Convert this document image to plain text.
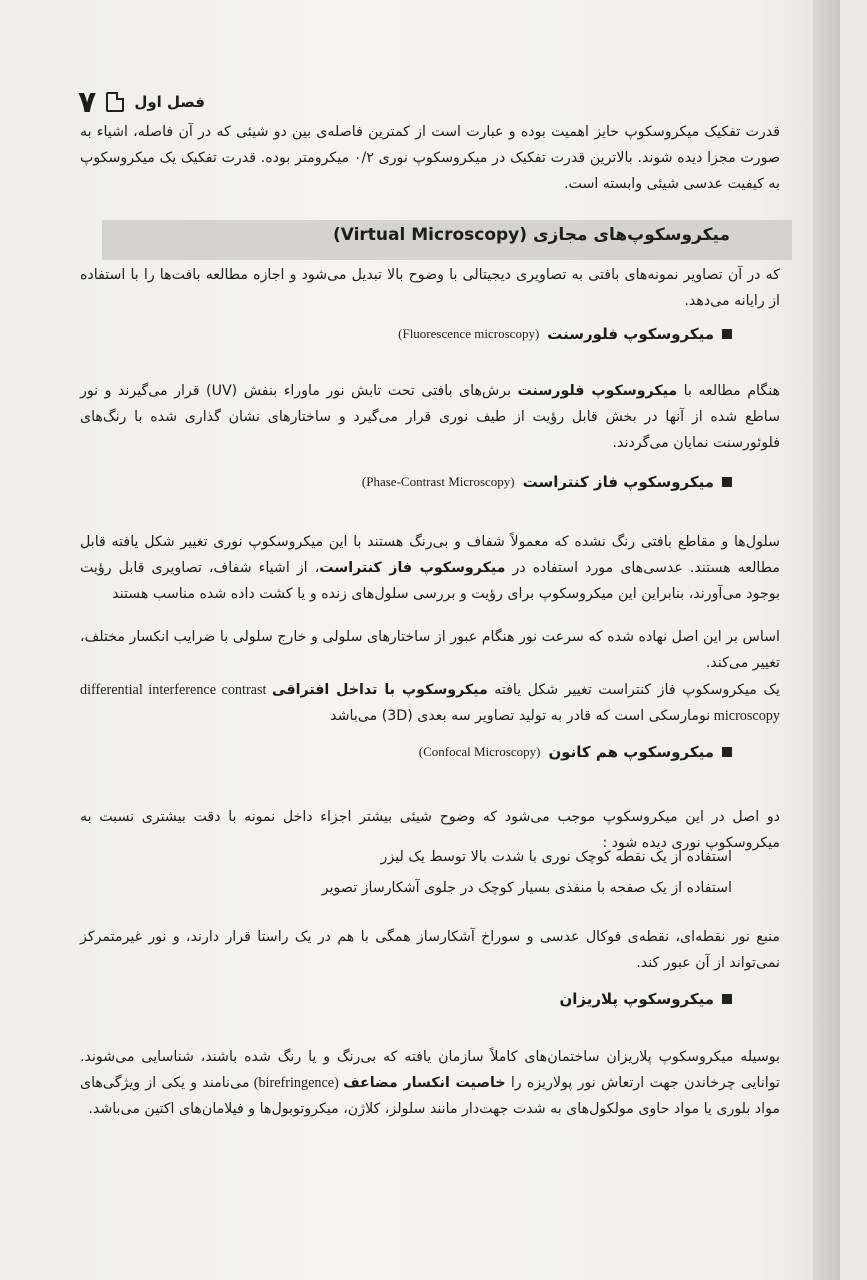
۷	فصل اول

قدرت تفکیک میکروسکوپ حایز اهمیت بوده و عبارت است از کمترین فاصله‌ی بین دو شیئی که در آن فاصله، اشیاء به صورت مجزا دیده شوند. بالاترین قدرت تفکیک در میکروسکوپ نوری ۰/۲ میکرومتر بوده. قدرت تفکیک یک میکروسکوپ به کیفیت عدسی شیئی وابسته است.

میکروسکوپ‌های مجازی (Virtual Microscopy)

که در آن تصاویر نمونه‌های بافتی به تصاویری دیجیتالی با وضوح بالا تبدیل می‌شود و اجازه مطالعه بافت‌ها را با استفاده از رایانه می‌دهد.

میکروسکوپ فلورسنت
(Fluorescence microscopy)

هنگام مطالعه با میکروسکوپ فلورسنت برش‌های بافتی تحت تابش نور ماوراء بنفش (UV) قرار می‌گیرند و نور ساطع شده از آنها در بخش قابل رؤیت از طیف نوری قرار می‌گیرد و ساختارهای نشان گذاری شده با رنگ‌های فلوئورسنت نمایان می‌گردند.

میکروسکوپ فاز کنتراست
(Phase-Contrast Microscopy)

سلول‌ها و مقاطع بافتی رنگ نشده که معمولاً شفاف و بی‌رنگ هستند با این میکروسکوپ نوری تغییر شکل یافته قابل مطالعه هستند. عدسی‌های مورد استفاده در میکروسکوپ فاز کنتراست، از اشیاء شفاف، تصاویری قابل رؤیت بوجود می‌آورند، بنابراین این میکروسکوپ برای رؤیت و بررسی سلول‌های زنده و یا کشت داده شده مناسب هستند

اساس بر این اصل نهاده شده که سرعت نور هنگام عبور از ساختارهای سلولی و خارج سلولی با ضرایب انکسار مختلف، تغییر می‌کند.

یک میکروسکوپ فاز کنتراست تغییر شکل یافته میکروسکوپ با تداخل افتراقی differential interference contrast microscopy نومارسکی است که قادر به تولید تصاویر سه بعدی (3D) می‌باشد

میکروسکوپ هم کانون
(Confocal Microscopy)

دو اصل در این میکروسکوپ موجب می‌شود که وضوح شیئی بیشتر اجزاء داخل نمونه با دقت بیشتری نسبت به میکروسکوپ نوری دیده شود :

استفاده از یک نقطه کوچک نوری با شدت بالا توسط یک لیزر
استفاده از یک صفحه با منفذی بسیار کوچک در جلوی آشکارساز تصویر

منبع نور نقطه‌ای، نقطه‌ی فوکال عدسی و سوراخ آشکارساز همگی با هم در یک راستا قرار دارند، و نور غیرمتمرکز نمی‌تواند از آن عبور کند.

میکروسکوپ پلاریزان

بوسیله میکروسکوپ پلاریزان ساختمان‌های کاملاً سازمان یافته که بی‌رنگ و یا رنگ شده باشند، شناسایی می‌شوند. توانایی چرخاندن جهت ارتعاش نور پولاریزه را خاصیت انکسار مضاعف (birefringence) می‌نامند و یکی از ویژگی‌های مواد بلوری یا مواد حاوی مولکول‌های به شدت جهت‌دار مانند سلولز، کلاژن، میکروتوبول‌ها و فیلامان‌های اکتین می‌باشد.
